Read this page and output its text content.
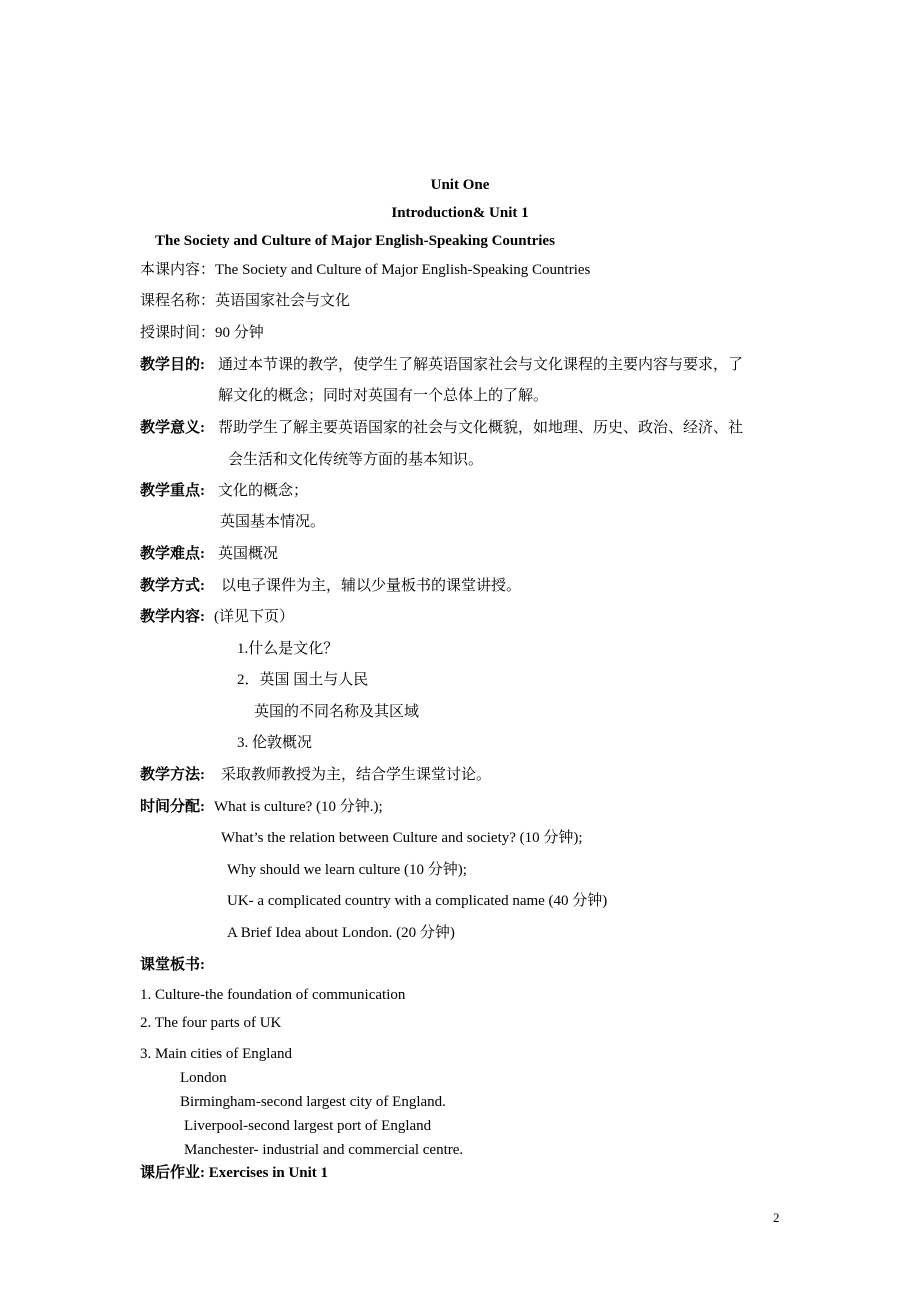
Unit One
Introduction& Unit 1
The Society and Culture of Major English-Speaking Countries
本课内容：The Society and Culture of Major English-Speaking Countries
课程名称：英语国家社会与文化
授课时间：90 分钟
教学目的: 通过本节课的教学，使学生了解英语国家社会与文化课程的主要内容与要求，了
解文化的概念；同时对英国有一个总体上的了解。
教学意义: 帮助学生了解主要英语国家的社会与文化概貌，如地理、历史、政治、经济、社
会生活和文化传统等方面的基本知识。
教学重点: 文化的概念；
英国基本情况。
教学难点: 英国概况
教学方式: 以电子课件为主，辅以少量板书的课堂讲授。
教学内容: (详见下页）
1.什么是文化？
2．英国 国土与人民
英国的不同名称及其区域
3. 伦敦概况
教学方法: 采取教师教授为主，结合学生课堂讨论。
时间分配: What is culture? (10 分钟.);
What’s the relation between Culture and society? (10 分钟);
Why should we learn culture (10 分钟);
UK- a complicated country with a complicated name (40 分钟)
A Brief Idea about London. (20 分钟)
课堂板书:
1. Culture-the foundation of communication
2. The four parts of UK
3. Main cities of England
London
Birmingham-second largest city of England.
Liverpool-second largest port of England
Manchester- industrial and commercial centre.
课后作业: Exercises in Unit 1
2
